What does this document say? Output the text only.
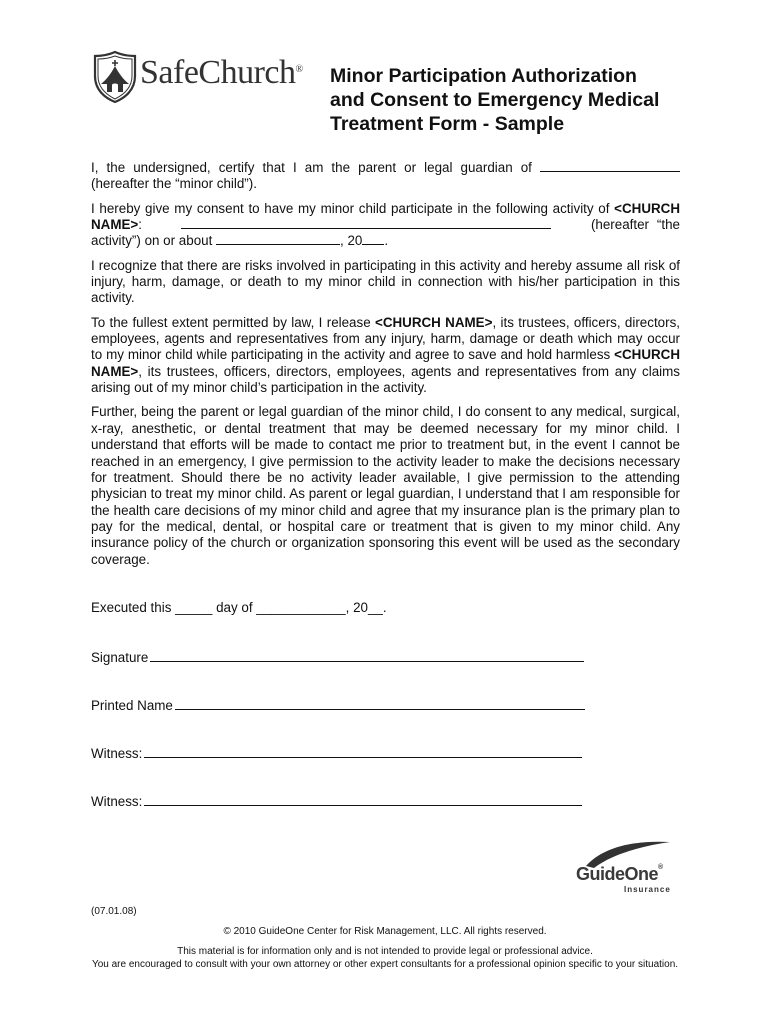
SafeChurch® Minor Participation Authorization
and Consent to Emergency Medical
Treatment Form - Sample

I, the undersigned, certify that I am the parent or legal guardian of  (hereafter the “minor child”).

I hereby give my consent to have my minor child participate in the following activity of <CHURCH NAME>:	(hereafter “the activity”) on or about	, 20 .

I recognize that there are risks involved in participating in this activity and hereby assume all risk of injury, harm, damage, or death to my minor child in connection with his/her participation in this activity.

To the fullest extent permitted by law, I release <CHURCH NAME>, its trustees, officers, directors, employees, agents and representatives from any injury, harm, damage or death which may occur to my minor child while participating in the activity and agree to save and hold harmless <CHURCH NAME>, its trustees, officers, directors, employees, agents and representatives from any claims arising out of my minor child’s participation in the activity.

Further, being the parent or legal guardian of the minor child, I do consent to any medical, surgical, x-ray, anesthetic, or dental treatment that may be deemed necessary for my minor child. I understand that efforts will be made to contact me prior to treatment but, in the event I cannot be reached in an emergency, I give permission to the activity leader to make the decisions necessary for treatment. Should there be no activity leader available, I give permission to the attending physician to treat my minor child. As parent or legal guardian, I understand that I am responsible for the health care decisions of my minor child and agree that my insurance plan is the primary plan to pay for the medical, dental, or hospital care or treatment that is given to my minor child. Any insurance policy of the church or organization sponsoring this event will be used as the secondary coverage.

Executed this _____ day of ____________, 20__.
Signature
Printed Name
Witness:
Witness:
GuideOne®
Insurance
(07.01.08)
© 2010 GuideOne Center for Risk Management, LLC. All rights reserved.
This material is for information only and is not intended to provide legal or professional advice.
You are encouraged to consult with your own attorney or other expert consultants for a professional opinion specific to your situation.
